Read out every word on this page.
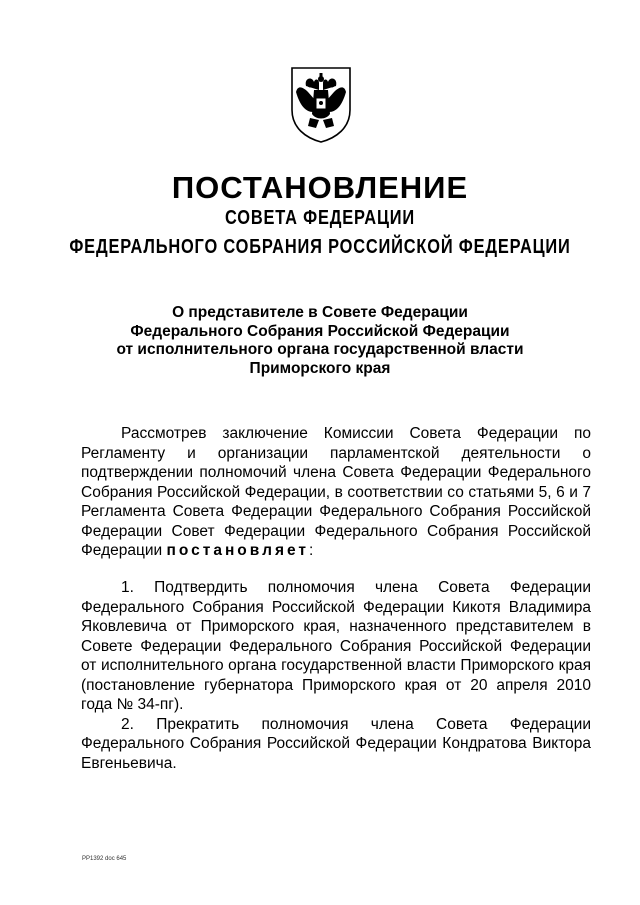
ПОСТАНОВЛЕНИЕ
СОВЕТА ФЕДЕРАЦИИ
ФЕДЕРАЛЬНОГО СОБРАНИЯ РОССИЙСКОЙ ФЕДЕРАЦИИ
О представителе в Совете Федерации
Федерального Собрания Российской Федерации
от исполнительного органа государственной власти
Приморского края

Рассмотрев заключение Комиссии Совета Федерации по Регламенту и организации парламентской деятельности о подтверждении полномочий члена Совета Федерации Федерального Собрания Российской Федерации, в соответствии со статьями 5, 6 и 7 Регламента Совета Федерации Федерального Собрания Российской Федерации Совет Федерации Федерального Собрания Российской Федерации постановляет:

1. Подтвердить полномочия члена Совета Федерации Федерального Собрания Российской Федерации Кикотя Владимира Яковлевича от Приморского края, назначенного представителем в Совете Федерации Федерального Собрания Российской Федерации от исполнительного органа государственной власти Приморского края (постановление губернатора Приморского края от 20 апреля 2010 года № 34-пг).

2. Прекратить полномочия члена Совета Федерации Федерального Собрания Российской Федерации Кондратова Виктора Евгеньевича.

РР1392 doc 645
